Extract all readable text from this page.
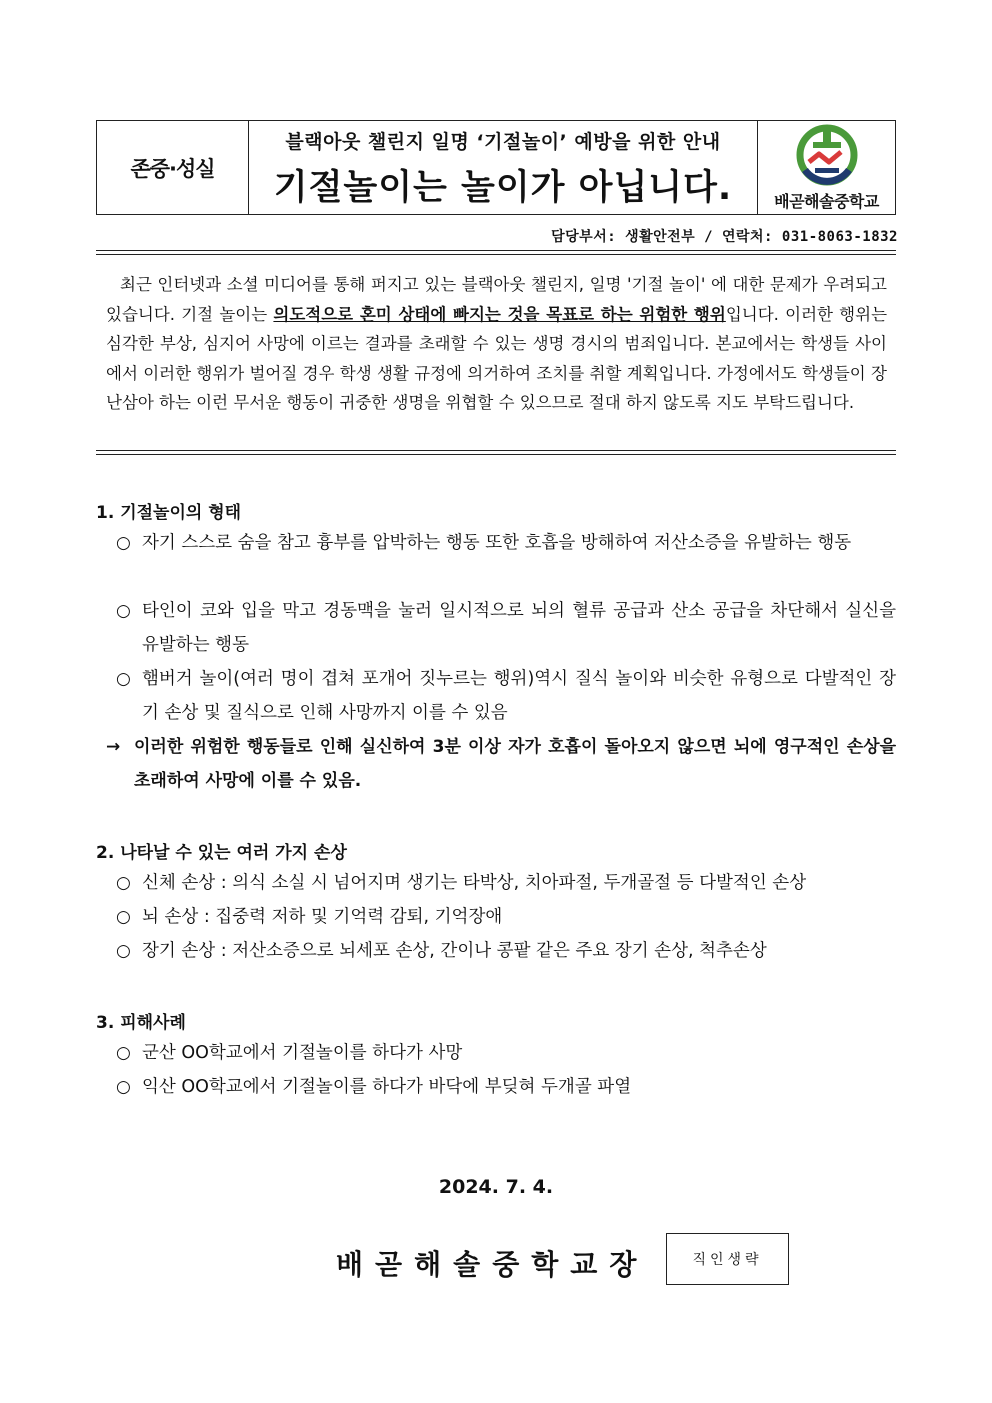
존중·성실
블랙아웃 챌린지 일명 ‘기절놀이’ 예방을 위한 안내
기절놀이는 놀이가 아닙니다.	배곧해솔중학교
담당부서: 생활안전부 / 연락처: 031-8063-1832
최근 인터넷과 소셜 미디어를 통해 퍼지고 있는 블랙아웃 챌린지, 일명 '기절 놀이' 에 대한 문제가 우려되고 있습니다. 기절 놀이는 의도적으로 혼미 상태에 빠지는 것을 목표로 하는 위험한 행위입니다. 이러한 행위는 심각한 부상, 심지어 사망에 이르는 결과를 초래할 수 있는 생명 경시의 범죄입니다. 본교에서는 학생들 사이에서 이러한 행위가 벌어질 경우 학생 생활 규정에 의거하여 조치를 취할 계획입니다. 가정에서도 학생들이 장난삼아 하는 이런 무서운 행동이 귀중한 생명을 위협할 수 있으므로 절대 하지 않도록 지도 부탁드립니다.
1. 기절놀이의 형태
○ 자기 스스로 숨을 참고 흉부를 압박하는 행동 또한 호흡을 방해하여 저산소증을 유발하는 행동
○ 타인이 코와 입을 막고 경동맥을 눌러 일시적으로 뇌의 혈류 공급과 산소 공급을 차단해서 실신을 유발하는 행동
○ 햄버거 놀이(여러 명이 겹쳐 포개어 짓누르는 행위)역시 질식 놀이와 비슷한 유형으로 다발적인 장기 손상 및 질식으로 인해 사망까지 이를 수 있음
→ 이러한 위험한 행동들로 인해 실신하여 3분 이상 자가 호흡이 돌아오지 않으면 뇌에 영구적인 손상을 초래하여 사망에 이를 수 있음.
2. 나타날 수 있는 여러 가지 손상
○ 신체 손상 : 의식 소실 시 넘어지며 생기는 타박상, 치아파절, 두개골절 등 다발적인 손상
○ 뇌 손상 : 집중력 저하 및 기억력 감퇴, 기억장애
○ 장기 손상 : 저산소증으로 뇌세포 손상, 간이나 콩팥 같은 주요 장기 손상, 척추손상
3. 피해사례
○ 군산 OO학교에서 기절놀이를 하다가 사망
○ 익산 OO학교에서 기절놀이를 하다가 바닥에 부딪혀 두개골 파열
2024. 7. 4.
배곧해솔중학교장	직인생략
